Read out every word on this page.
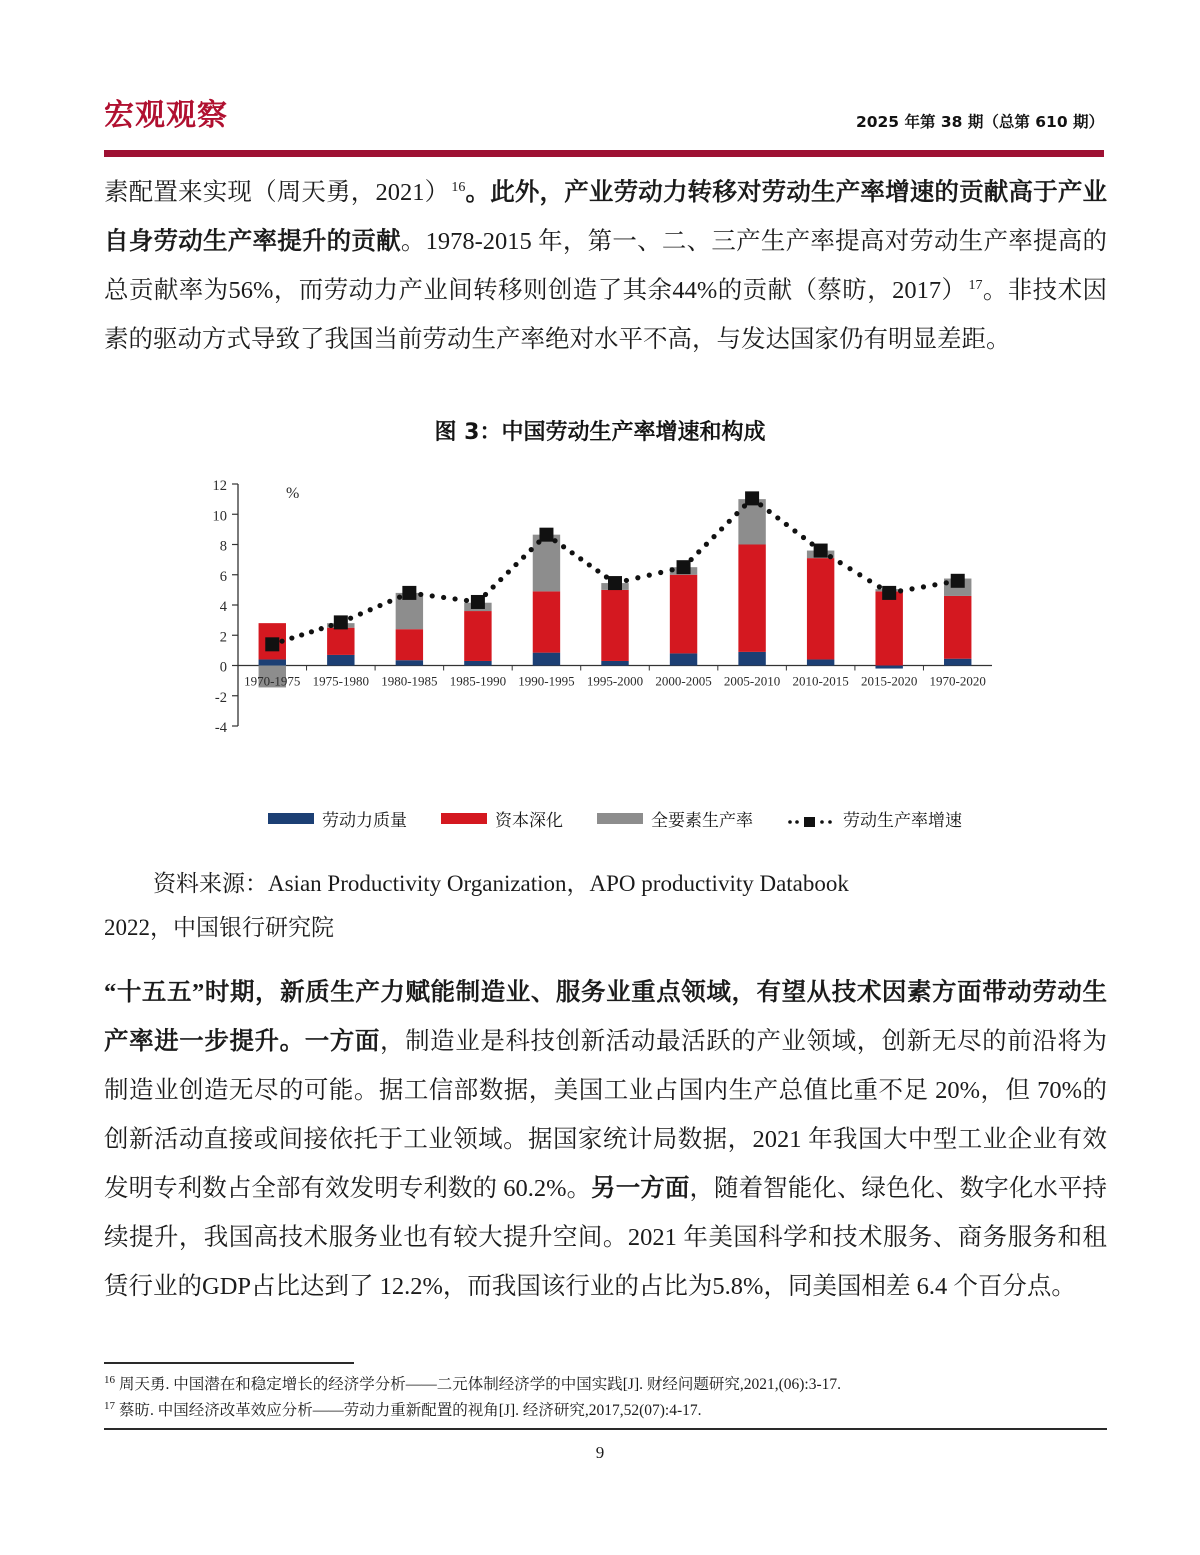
宏观观察	2025 年第 38 期（总第 610 期）
素配置来实现（周天勇，2021） $^{16}$。此外，产业劳动力转移对劳动生产率增速的贡献高于产业自身劳动生产率提升的贡献。1978-2015 年，第一、二、三产生产率提高对劳动生产率提高的总贡献率为56%，而劳动力产业间转移则创造了其余44%的贡献（蔡昉，2017） $^{17}$。非技术因素的驱动方式导致了我国当前劳动生产率绝对水平不高，与发达国家仍有明显差距。
图 3：中国劳动生产率增速和构成
-4
-2
0
2
4
6
8
10
12	%
1970-1975 1975-1980 1980-1985 1985-1990 1990-1995 1995-2000 2000-2005 2005-2010 2010-2015 2015-2020 1970-2020
劳动力质量	资本深化	全要素生产率	劳动生产率增速
资料来源：Asian Productivity Organization，APO productivity Databook
2022，中国银行研究院
“十五五”时期，新质生产力赋能制造业、服务业重点领域，有望从技术因素方面带动劳动生产率进一步提升。一方面，制造业是科技创新活动最活跃的产业领域，创新无尽的前沿将为制造业创造无尽的可能。据工信部数据，美国工业占国内生产总值比重不足 20%，但 70%的创新活动直接或间接依托于工业领域。据国家统计局数据，2021 年我国大中型工业企业有效发明专利数占全部有效发明专利数的 60.2%。另一方面，随着智能化、绿色化、数字化水平持续提升，我国高技术服务业也有较大提升空间。2021 年美国科学和技术服务、商务服务和租赁行业的GDP占比达到了 12.2%，而我国该行业的占比为5.8%，同美国相差 6.4 个百分点。
$^{16}$ 周天勇. 中国潜在和稳定增长的经济学分析——二元体制经济学的中国实践[J]. 财经问题研究,2021,(06):3-17.
$^{17}$ 蔡昉. 中国经济改革效应分析——劳动力重新配置的视角[J]. 经济研究,2017,52(07):4-17.
9
